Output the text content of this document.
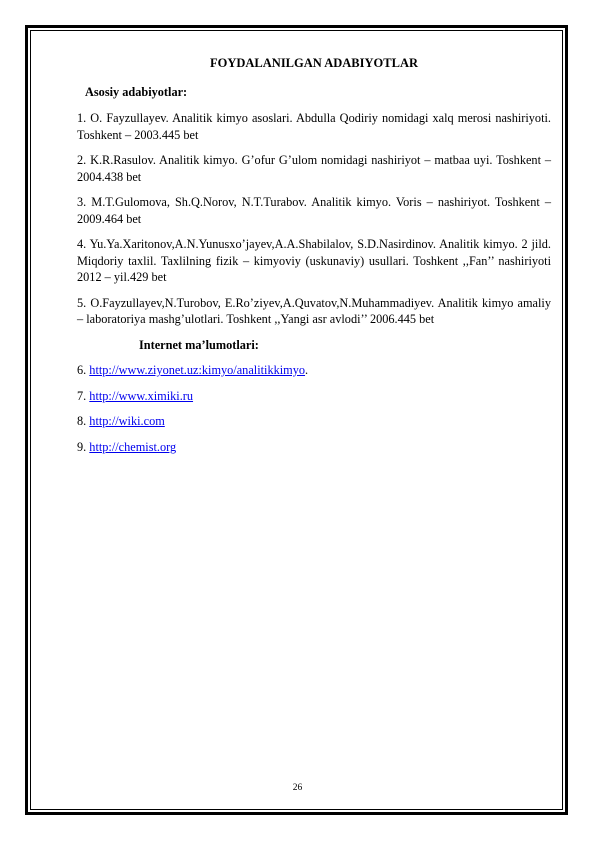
FOYDALANILGAN ADABIYOTLAR
Asosiy adabiyotlar:

1. O. Fayzullayev. Analitik kimyo asoslari. Abdulla Qodiriy nomidagi xalq merosi nashiriyoti. Toshkent – 2003.445 bet

2. K.R.Rasulov. Analitik kimyo. G’ofur G’ulom nomidagi nashiriyot – matbaa uyi. Toshkent – 2004.438 bet

3. M.T.Gulomova, Sh.Q.Norov, N.T.Turabov. Analitik kimyo. Voris – nashiriyot. Toshkent – 2009.464 bet

4. Yu.Ya.Xaritonov,A.N.Yunusxo’jayev,A.A.Shabilalov, S.D.Nasirdinov. Analitik kimyo. 2 jild. Miqdoriy taxlil. Taxlilning fizik – kimyoviy (uskunaviy) usullari. Toshkent ,,Fan’’ nashiriyoti 2012 – yil.429 bet

5. O.Fayzullayev,N.Turobov, E.Ro’ziyev,A.Quvatov,N.Muhammadiyev. Analitik kimyo amaliy – laboratoriya mashg’ulotlari. Toshkent ,,Yangi asr avlodi’’ 2006.445 bet

Internet ma’lumotlari:
6. http://www.ziyonet.uz:kimyo/analitikkimyo.
7. http://www.ximiki.ru
8. http://wiki.com
9. http://chemist.org
26
